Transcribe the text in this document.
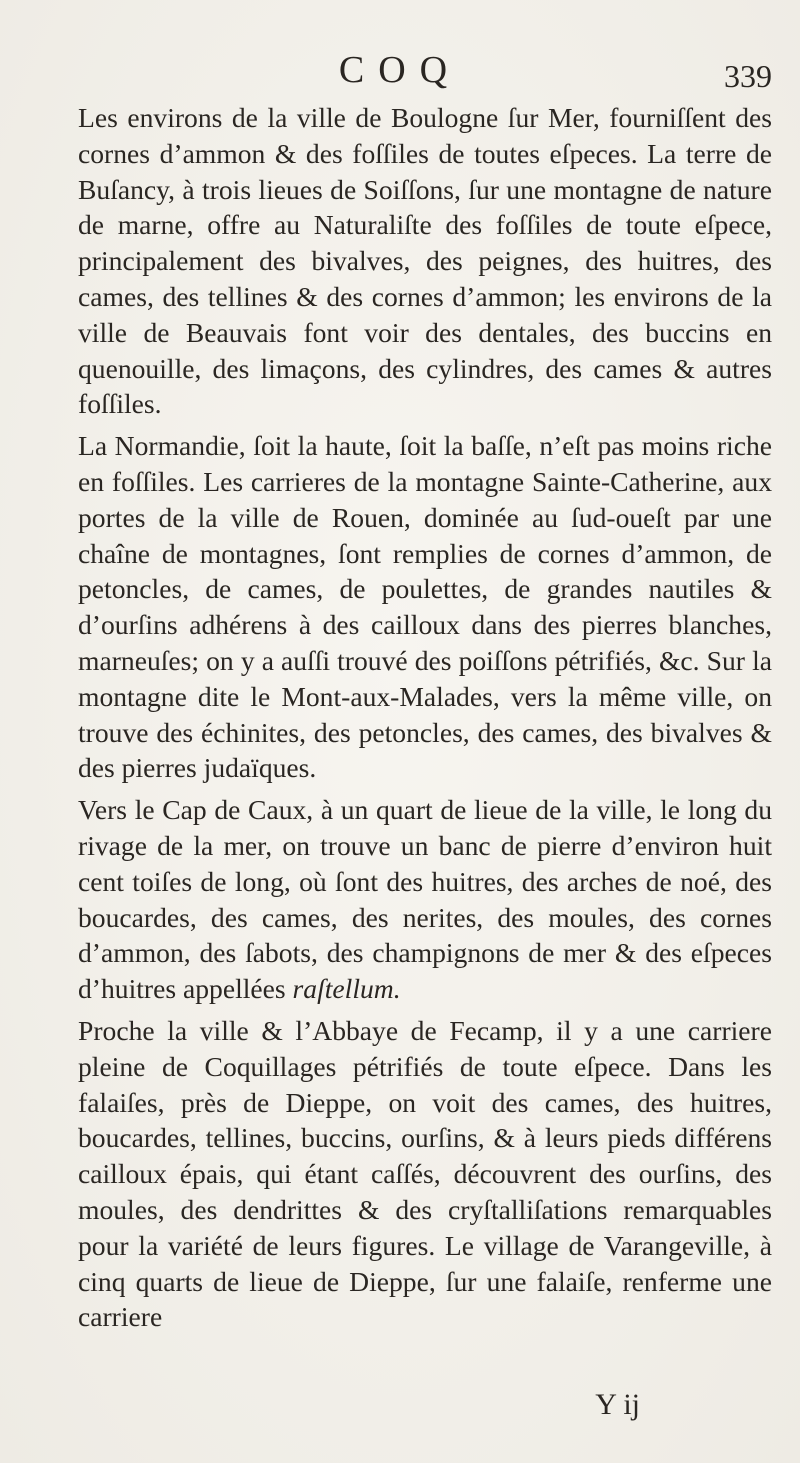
COQ	339

Les environs de la ville de Boulogne ſur Mer, fourniſſent des cornes d’ammon & des foſſiles de toutes eſpeces. La terre de Buſancy, à trois lieues de Soiſſons, ſur une montagne de nature de marne, offre au Naturaliſte des foſſiles de toute eſpece, principalement des bivalves, des peignes, des huitres, des cames, des tellines & des cornes d’ammon; les environs de la ville de Beauvais font voir des dentales, des buccins en quenouille, des limaçons, des cylindres, des cames & autres foſſiles.

La Normandie, ſoit la haute, ſoit la baſſe, n’eſt pas moins riche en foſſiles. Les carrieres de la montagne Sainte-Catherine, aux portes de la ville de Rouen, dominée au ſud-oueſt par une chaîne de montagnes, ſont remplies de cornes d’ammon, de petoncles, de cames, de poulettes, de grandes nautiles & d’ourſins adhérens à des cailloux dans des pierres blanches, marneuſes; on y a auſſi trouvé des poiſſons pétrifiés, &c. Sur la montagne dite le Mont-aux-Malades, vers la même ville, on trouve des échinites, des petoncles, des cames, des bivalves & des pierres judaïques.

Vers le Cap de Caux, à un quart de lieue de la ville, le long du rivage de la mer, on trouve un banc de pierre d’environ huit cent toiſes de long, où ſont des huitres, des arches de noé, des boucardes, des cames, des nerites, des moules, des cornes d’ammon, des ſabots, des champignons de mer & des eſpeces d’huitres appellées raſtellum.

Proche la ville & l’Abbaye de Fecamp, il y a une carriere pleine de Coquillages pétrifiés de toute eſpece. Dans les falaiſes, près de Dieppe, on voit des cames, des huitres, boucardes, tellines, buccins, ourſins, & à leurs pieds différens cailloux épais, qui étant caſſés, découvrent des ourſins, des moules, des dendrittes & des cryſtalliſations remarquables pour la variété de leurs figures. Le village de Varangeville, à cinq quarts de lieue de Dieppe, ſur une falaiſe, renferme une carriere

Y ij
